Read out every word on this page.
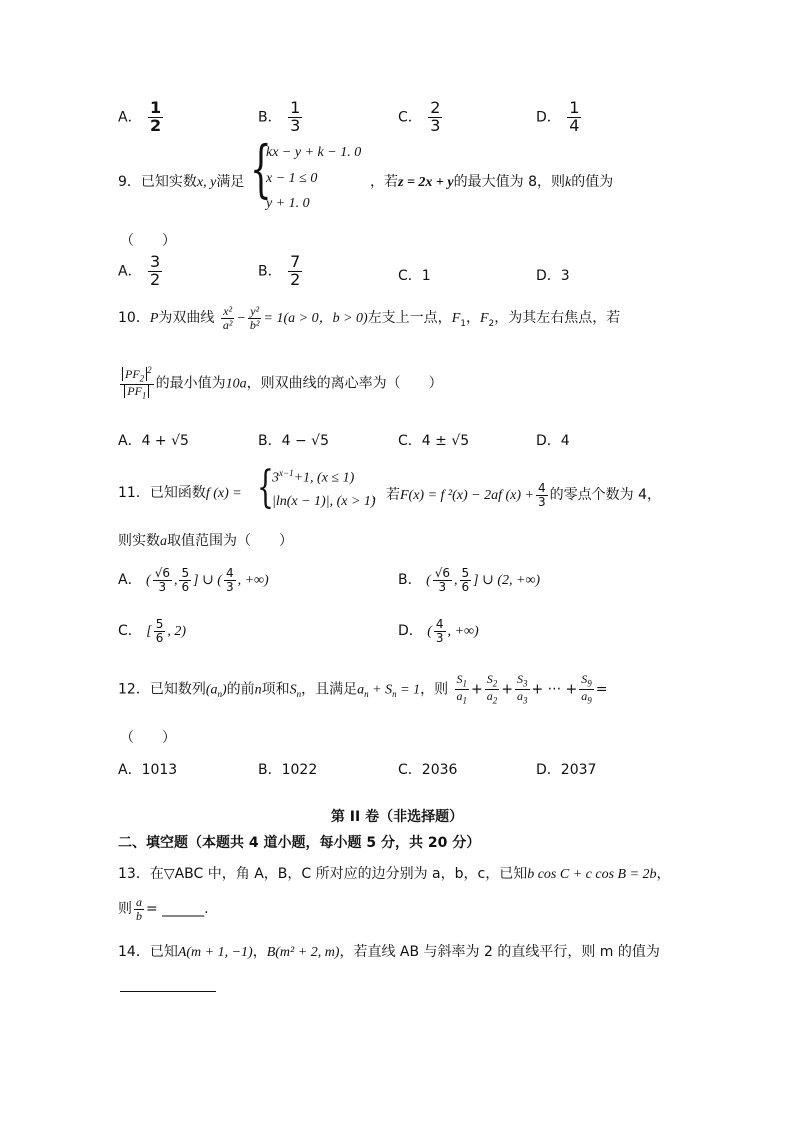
A． $\frac{1}{2}$	B． $\frac{1}{3}$	C． $\frac{2}{3}$	D． $\frac{1}{4}$
9．已知实数x, y满足 {
kx − y + k − 1. 0
x − 1 ≤ 0
y + 1. 0
，若z = 2x + y的最大值为 8，则k的值为
（　　）
A． $\frac{3}{2}$	B． $\frac{7}{2}$	C．1	D．3
10．P为双曲线 $\frac{\text{x²}}{\text{a²}} - \frac{\text{y²}}{\text{b²}} = 1(a > 0$，b > 0)左支上一点，$F_1$，$F_2$，为其左右焦点，若
$\frac{PF_2^2}{PF_1}$ 的最小值为10a，则双曲线的离心率为（　　）
A．4 + √5	B．4 − √5	C．4 ± √5	D．4
11．已知函数f (x) = {
$3^{x-1}+1$, (x ≤ 1)
|ln(x − 1)|, (x > 1)
，若F(x) = f ²(x) − 2af $(x) + \frac{4}{3}$ 的零点个数为 4，
则实数a取值范围为（　　）
A． ( $\frac{√6}{3}$ , $\frac{5}{6}$ ] ∪ ( $\frac{4}{3}$ , +∞)	B． ( $\frac{√6}{3}$ , $\frac{5}{6}$ ] ∪ (2, +∞)
C． [ $\frac{5}{6}$ , 2)	D． ( $\frac{4}{3}$ , +∞)
12．已知数列$(a_n)$的前n项和$S_n$，且满足$a_n + S_n = 1$，则 $\frac{S_1}{a_1} + \frac{S_2}{a_2} + \frac{S_3}{a_3}$ + ··· + $\frac{S_9}{a_9}$ =
（　　）
A．1013	B．1022	C．2036	D．2037
第 II 卷（非选择题）
二、填空题（本题共 4 道小题，每小题 5 分，共 20 分）
13．在▽ABC 中，角 A，B，C 所对应的边分别为 a，b，c，已知b cos C + c cos B = 2b，
则 $\frac{a}{b}$ = ______.
14．已知A(m + 1, −1)，B(m² + 2, m)，若直线 AB 与斜率为 2 的直线平行，则 m 的值为
